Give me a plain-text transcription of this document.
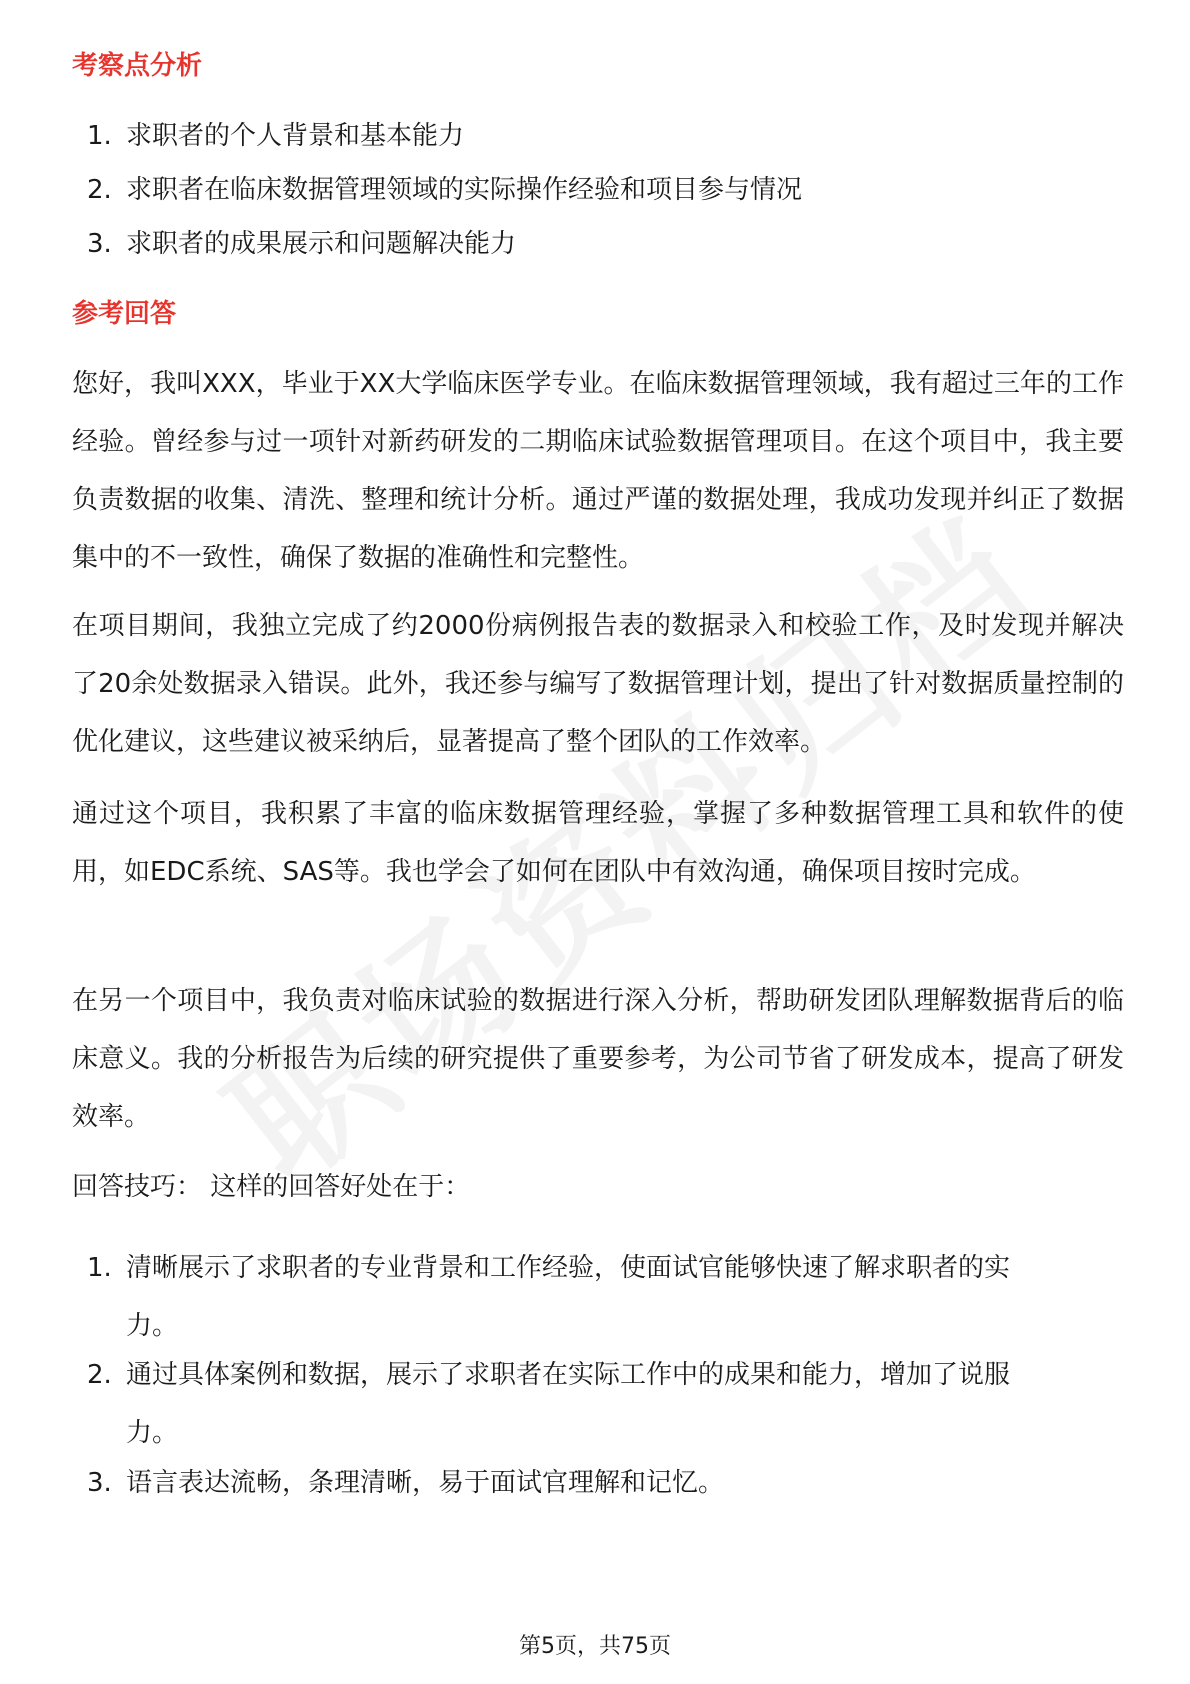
考察点分析
1. 求职者的个人背景和基本能力
2. 求职者在临床数据管理领域的实际操作经验和项目参与情况
3. 求职者的成果展示和问题解决能力
参考回答

您好，我叫XXX，毕业于XX大学临床医学专业。在临床数据管理领域，我有超过三年的工作经验。曾经参与过一项针对新药研发的二期临床试验数据管理项目。在这个项目中，我主要负责数据的收集、清洗、整理和统计分析。通过严谨的数据处理，我成功发现并纠正了数据集中的不一致性，确保了数据的准确性和完整性。

在项目期间，我独立完成了约2000份病例报告表的数据录入和校验工作，及时发现并解决了20余处数据录入错误。此外，我还参与编写了数据管理计划，提出了针对数据质量控制的优化建议，这些建议被采纳后，显著提高了整个团队的工作效率。

通过这个项目，我积累了丰富的临床数据管理经验，掌握了多种数据管理工具和软件的使用，如EDC系统、SAS等。我也学会了如何在团队中有效沟通，确保项目按时完成。

在另一个项目中，我负责对临床试验的数据进行深入分析，帮助研发团队理解数据背后的临床意义。我的分析报告为后续的研究提供了重要参考，为公司节省了研发成本，提高了研发效率。

回答技巧： 这样的回答好处在于：

1. 清晰展示了求职者的专业背景和工作经验，使面试官能够快速了解求职者的实力。
2. 通过具体案例和数据，展示了求职者在实际工作中的成果和能力，增加了说服力。
3. 语言表达流畅，条理清晰，易于面试官理解和记忆。
第5页，共75页
